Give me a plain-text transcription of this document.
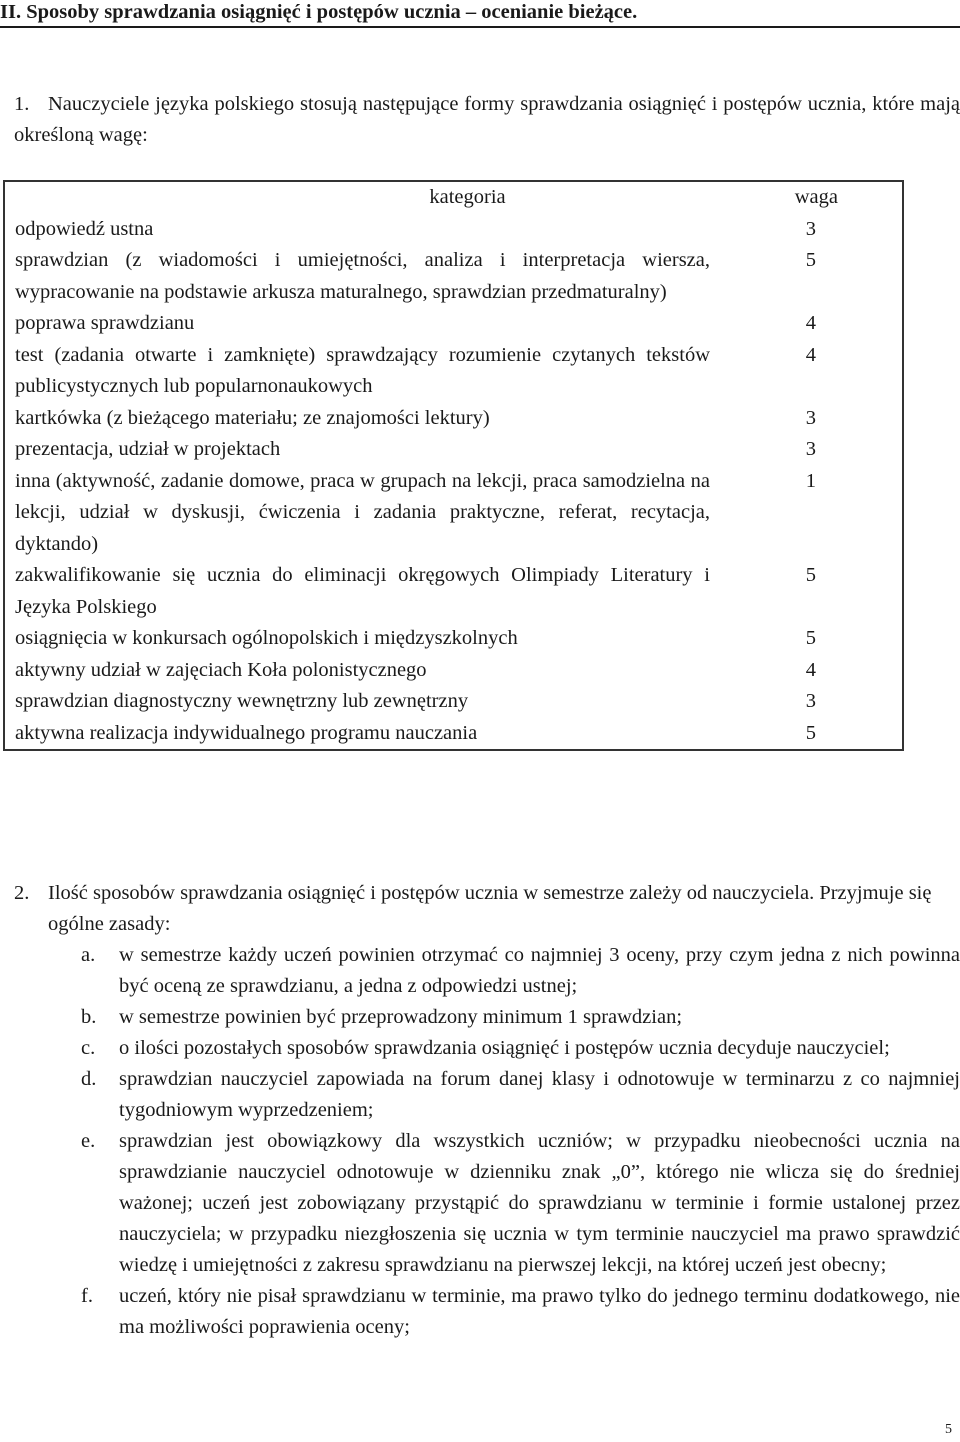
II. Sposoby sprawdzania osiągnięć i postępów ucznia – ocenianie bieżące.
1. Nauczyciele języka polskiego stosują następujące formy sprawdzania osiągnięć i postępów ucznia, które mają określoną wagę:
kategoria	waga
odpowiedź ustna	3
sprawdzian (z wiadomości i umiejętności, analiza i interpretacja wiersza, wypracowanie na podstawie arkusza maturalnego, sprawdzian przedmaturalny)	5
poprawa sprawdzianu	4
test (zadania otwarte i zamknięte) sprawdzający rozumienie czytanych tekstów publicystycznych lub popularnonaukowych	4
kartkówka (z bieżącego materiału; ze znajomości lektury)	3
prezentacja, udział w projektach	3
inna (aktywność, zadanie domowe, praca w grupach na lekcji, praca samodzielna na lekcji, udział w dyskusji, ćwiczenia i zadania praktyczne, referat, recytacja, dyktando)	1
zakwalifikowanie się ucznia do eliminacji okręgowych Olimpiady Literatury i Języka Polskiego	5
osiągnięcia w konkursach ogólnopolskich i międzyszkolnych	5
aktywny udział w zajęciach Koła polonistycznego	4
sprawdzian diagnostyczny wewnętrzny lub zewnętrzny	3
aktywna realizacja indywidualnego programu nauczania	5
2. Ilość sposobów sprawdzania osiągnięć i postępów ucznia w semestrze zależy od nauczyciela. Przyjmuje się ogólne zasady:
a. w semestrze każdy uczeń powinien otrzymać co najmniej 3 oceny, przy czym jedna z nich powinna być oceną ze sprawdzianu, a jedna z odpowiedzi ustnej;
b. w semestrze powinien być przeprowadzony minimum 1 sprawdzian;
c. o ilości pozostałych sposobów sprawdzania osiągnięć i postępów ucznia decyduje nauczyciel;
d. sprawdzian nauczyciel zapowiada na forum danej klasy i odnotowuje w terminarzu z co najmniej tygodniowym wyprzedzeniem;
e. sprawdzian jest obowiązkowy dla wszystkich uczniów; w przypadku nieobecności ucznia na sprawdzianie nauczyciel odnotowuje w dzienniku znak „0”, którego nie wlicza się do średniej ważonej; uczeń jest zobowiązany przystąpić do sprawdzianu w terminie i formie ustalonej przez nauczyciela; w przypadku niezgłoszenia się ucznia w tym terminie nauczyciel ma prawo sprawdzić wiedzę i umiejętności z zakresu sprawdzianu na pierwszej lekcji, na której uczeń jest obecny;
f. uczeń, który nie pisał sprawdzianu w terminie, ma prawo tylko do jednego terminu dodatkowego, nie ma możliwości poprawienia oceny;
5
